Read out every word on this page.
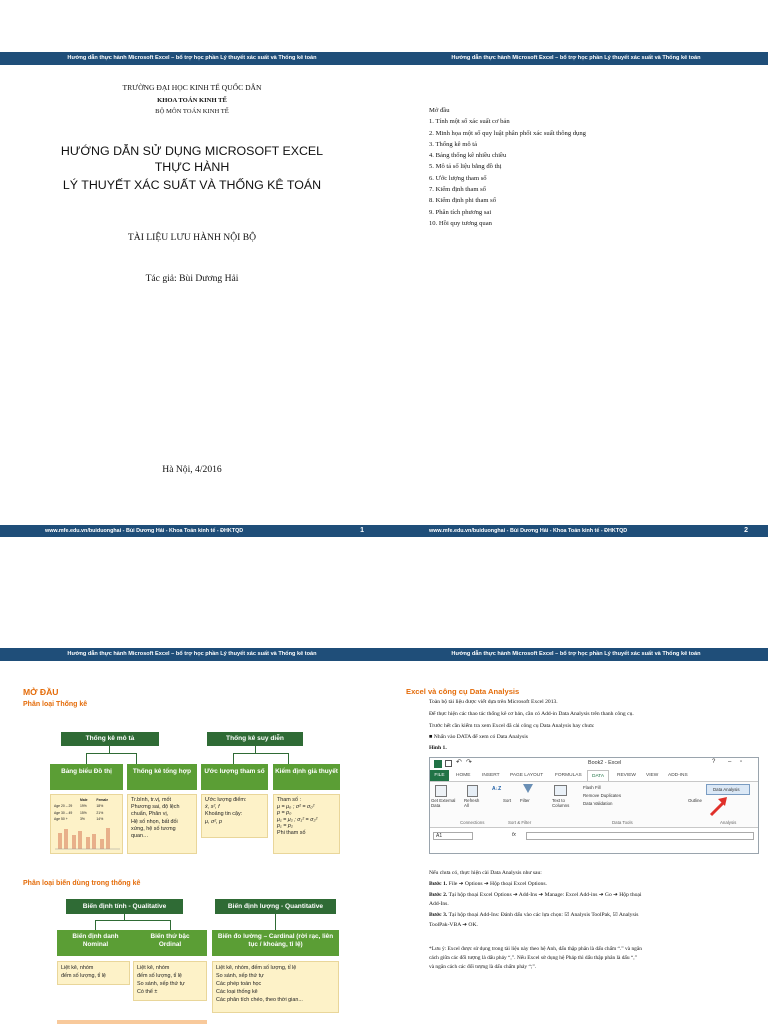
Hướng dẫn thực hành Microsoft Excel – bổ trợ học phần Lý thuyết xác suất và Thống kê toán
TRƯỜNG ĐẠI HỌC KINH TẾ QUỐC DÂN
KHOA TOÁN KINH TẾ
BỘ MÔN TOÁN KINH TẾ
HƯỚNG DẪN SỬ DỤNG MICROSOFT EXCEL
THỰC HÀNH
LÝ THUYẾT XÁC SUẤT VÀ THỐNG KÊ TOÁN
TÀI LIỆU LƯU HÀNH NỘI BỘ
Tác giả: Bùi Dương Hải
Hà Nội, 4/2016
www.mfe.edu.vn/buiduonghai - Bùi Dương Hải - Khoa Toán kinh tế - ĐHKTQD	1
Hướng dẫn thực hành Microsoft Excel – bổ trợ học phần Lý thuyết xác suất và Thống kê toán
Mở đầu
1. Tính một số xác suất cơ bản
2. Minh họa một số quy luật phân phối xác suất thông dụng
3. Thống kê mô tả
4. Bảng thống kê nhiều chiều
5. Mô tả số liệu bằng đồ thị
6. Ước lượng tham số
7. Kiểm định tham số
8. Kiểm định phi tham số
9. Phân tích phương sai
10. Hồi quy tương quan
www.mfe.edu.vn/buiduonghai - Bùi Dương Hải - Khoa Toán kinh tế - ĐHKTQD	2
Hướng dẫn thực hành Microsoft Excel – bổ trợ học phần Lý thuyết xác suất và Thống kê toán
MỞ ĐẦU
Phân loại Thống kê
Thống kê mô tả	Thống kê suy diễn
Bảng biểu Đồ thị	Thống kê tổng hợp	Ước lượng tham số	Kiểm định giả thuyết
	Male	Female
Age 20 – 29	19%	18%
Age 30 – 49	15%	21%
Age 50 +	3%	14%
Tr.bình, tr.vị, mốt
Phương sai, độ lệch
chuẩn, Phân vị,
Hệ số nhọn, bất đối
xứng, hệ số tương
quan…
Ước lượng điểm:
x̄, s², f
Khoảng tin cậy:
μ, σ², p
Tham số :
μ = μ₀ ; σ² = σ₀²
p = p₀
μ₁ = μ₂ ; σ₁² = σ₂²
p₁ = p₂
Phi tham số
Phân loại biến dùng trong thống kê
Biến định tính - Qualitative	Biến định lượng - Quantitative
Biến định danh Nominal
Biến thứ bậc Ordinal
Biến đo lường – Cardinal (rời rạc, liên tục / khoảng, tỉ lệ)
Liệt kê, nhóm
đếm số lượng, tỉ lệ
Liệt kê, nhóm
đếm số lượng, tỉ lệ
So sánh, xếp thứ tự
Có thể ±
Liệt kê, nhóm, đếm số lượng, tỉ lệ
So sánh, xếp thứ tự
Các phép toán học
Các loại thống kê
Các phân tích chéo, theo thời gian...
Hướng dẫn thực hành Microsoft Excel – bổ trợ học phần Lý thuyết xác suất và Thống kê toán
Excel và công cụ Data Analysis
Toàn bộ tài liệu được viết dựa trên Microsoft Excel 2013.
Để thực hiện các thao tác thống kê cơ bản, cần có Add-in Data Analysis trên thanh công cụ.
Trước hết cần kiểm tra xem Excel đã cài công cụ Data Analysis hay chưa:
■ Nhấn vào DATA để xem có Data Analysis
Hình 1.
↶ ↷	Book2 - Excel	? – ▫
FILE	HOME INSERT PAGE LAYOUT FORMULAS	DATA	REVIEW VIEW ADD-INS
Get External Data
Refresh All
A↓Z
Sort Filter	Text to Columns
Flash Fill
Remove Duplicates
Data Validation
Outline
Data Analysis
Connections	Sort & Filter	Data Tools	Analysis
A1	fx
Nếu chưa có, thực hiện cài Data Analysis như sau:
Bước 1. File ➔ Options ➔ Hộp thoại Excel Options.
Bước 2. Tại hộp thoại Excel Options ➔ Add-Ins ➔ Manage: Excel Add-ins ➔ Go ➔ Hộp thoại
Add-Ins.
Bước 3. Tại hộp thoại Add-Ins: Đánh dấu vào các lựa chọn: ☑ Analysis ToolPak, ☑ Analysis
ToolPak-VBA ➔ OK.
*Lưu ý: Excel được sử dụng trong tài liệu này theo hệ Anh, dấu thập phân là dấu chấm “.” và ngăn
cách giữa các đối tượng là dấu phảy “,”. Nếu Excel sử dụng hệ Pháp thì dấu thập phân là dấu “,”
và ngăn cách các đối tượng là dấu chấm phảy “;”.
